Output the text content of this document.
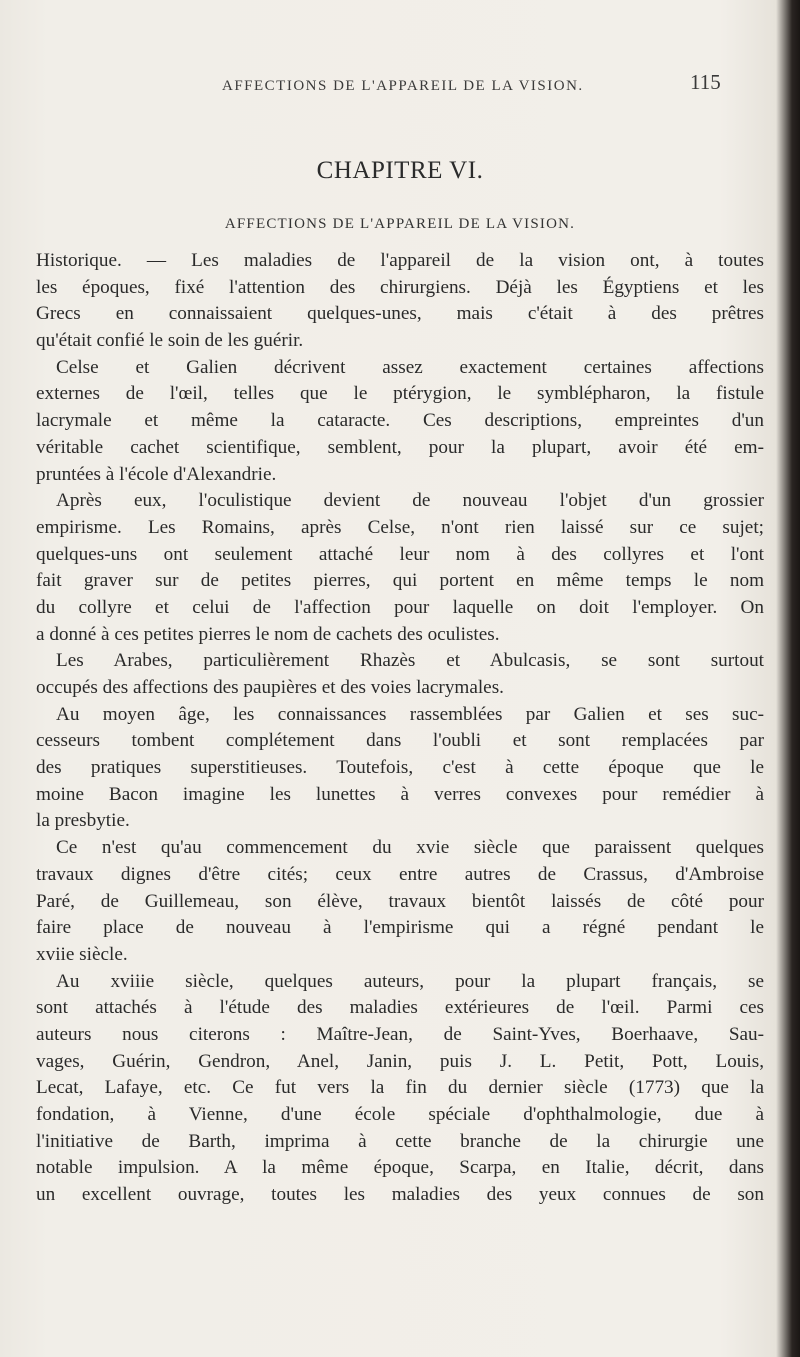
AFFECTIONS DE L'APPAREIL DE LA VISION.	115
CHAPITRE VI.
AFFECTIONS DE L'APPAREIL DE LA VISION.
Historique. — Les maladies de l'appareil de la vision ont, à toutes
les époques, fixé l'attention des chirurgiens. Déjà les Égyptiens et les
Grecs en connaissaient quelques-unes, mais c'était à des prêtres
qu'était confié le soin de les guérir.
Celse et Galien décrivent assez exactement certaines affections
externes de l'œil, telles que le ptérygion, le symblépharon, la fistule
lacrymale et même la cataracte. Ces descriptions, empreintes d'un
véritable cachet scientifique, semblent, pour la plupart, avoir été em-
pruntées à l'école d'Alexandrie.
Après eux, l'oculistique devient de nouveau l'objet d'un grossier
empirisme. Les Romains, après Celse, n'ont rien laissé sur ce sujet;
quelques-uns ont seulement attaché leur nom à des collyres et l'ont
fait graver sur de petites pierres, qui portent en même temps le nom
du collyre et celui de l'affection pour laquelle on doit l'employer. On
a donné à ces petites pierres le nom de cachets des oculistes.
Les Arabes, particulièrement Rhazès et Abulcasis, se sont surtout
occupés des affections des paupières et des voies lacrymales.
Au moyen âge, les connaissances rassemblées par Galien et ses suc-
cesseurs tombent complétement dans l'oubli et sont remplacées par
des pratiques superstitieuses. Toutefois, c'est à cette époque que le
moine Bacon imagine les lunettes à verres convexes pour remédier à
la presbytie.
Ce n'est qu'au commencement du xvie siècle que paraissent quelques
travaux dignes d'être cités; ceux entre autres de Crassus, d'Ambroise
Paré, de Guillemeau, son élève, travaux bientôt laissés de côté pour
faire place de nouveau à l'empirisme qui a régné pendant le
xviie siècle.
Au xviiie siècle, quelques auteurs, pour la plupart français, se
sont attachés à l'étude des maladies extérieures de l'œil. Parmi ces
auteurs nous citerons : Maître-Jean, de Saint-Yves, Boerhaave, Sau-
vages, Guérin, Gendron, Anel, Janin, puis J. L. Petit, Pott, Louis,
Lecat, Lafaye, etc. Ce fut vers la fin du dernier siècle (1773) que la
fondation, à Vienne, d'une école spéciale d'ophthalmologie, due à
l'initiative de Barth, imprima à cette branche de la chirurgie une
notable impulsion. A la même époque, Scarpa, en Italie, décrit, dans
un excellent ouvrage, toutes les maladies des yeux connues de son
